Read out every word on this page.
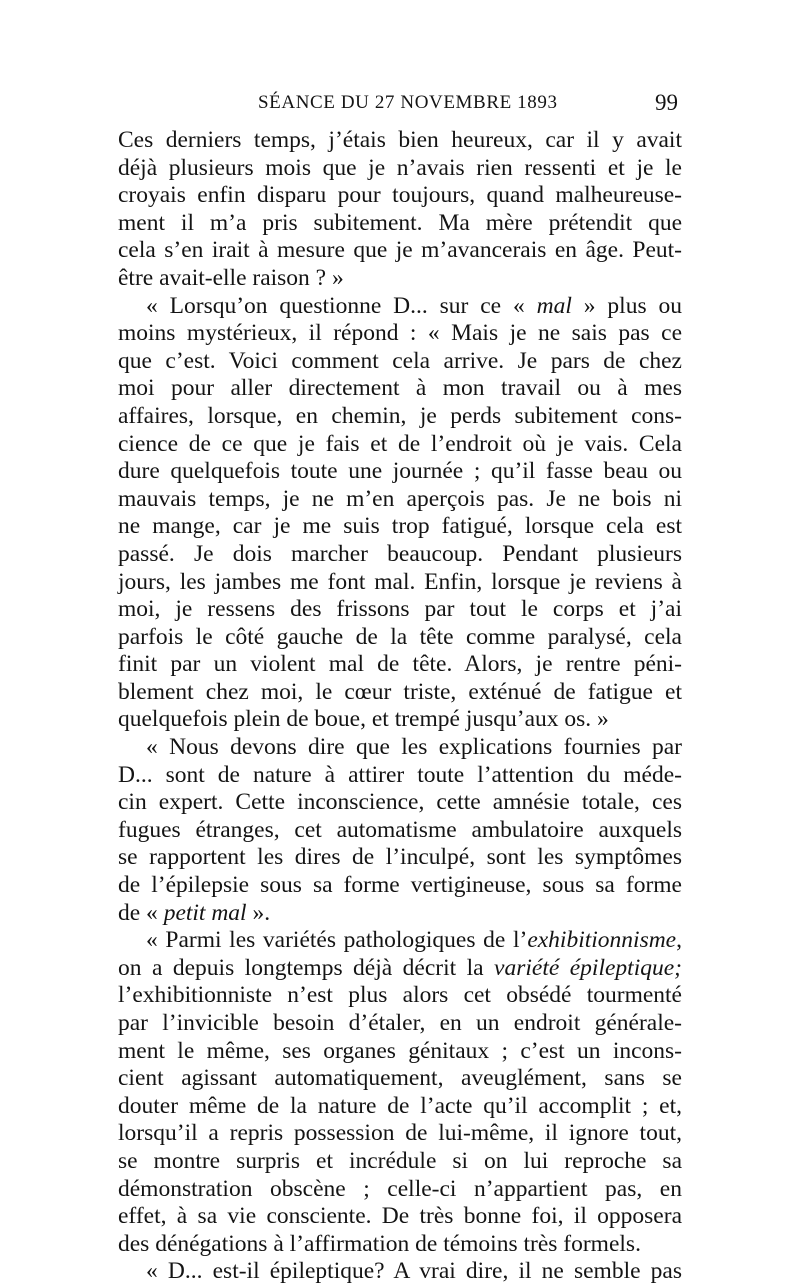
SÉANCE DU 27 NOVEMBRE 1893	99
Ces derniers temps, j’étais bien heureux, car il y avait
déjà plusieurs mois que je n’avais rien ressenti et je le
croyais enfin disparu pour toujours, quand malheureuse-
ment il m’a pris subitement. Ma mère prétendit que
cela s’en irait à mesure que je m’avancerais en âge. Peut-
être avait-elle raison ? »
« Lorsqu’on questionne D... sur ce « mal » plus ou
moins mystérieux, il répond : « Mais je ne sais pas ce
que c’est. Voici comment cela arrive. Je pars de chez
moi pour aller directement à mon travail ou à mes
affaires, lorsque, en chemin, je perds subitement cons-
cience de ce que je fais et de l’endroit où je vais. Cela
dure quelquefois toute une journée ; qu’il fasse beau ou
mauvais temps, je ne m’en aperçois pas. Je ne bois ni
ne mange, car je me suis trop fatigué, lorsque cela est
passé. Je dois marcher beaucoup. Pendant plusieurs
jours, les jambes me font mal. Enfin, lorsque je reviens à
moi, je ressens des frissons par tout le corps et j’ai
parfois le côté gauche de la tête comme paralysé, cela
finit par un violent mal de tête. Alors, je rentre péni-
blement chez moi, le cœur triste, exténué de fatigue et
quelquefois plein de boue, et trempé jusqu’aux os. »
« Nous devons dire que les explications fournies par
D... sont de nature à attirer toute l’attention du méde-
cin expert. Cette inconscience, cette amnésie totale, ces
fugues étranges, cet automatisme ambulatoire auxquels
se rapportent les dires de l’inculpé, sont les symptômes
de l’épilepsie sous sa forme vertigineuse, sous sa forme
de « petit mal ».
« Parmi les variétés pathologiques de l’exhibitionnisme,
on a depuis longtemps déjà décrit la variété épileptique;
l’exhibitionniste n’est plus alors cet obsédé tourmenté
par l’invicible besoin d’étaler, en un endroit générale-
ment le même, ses organes génitaux ; c’est un incons-
cient agissant automatiquement, aveuglément, sans se
douter même de la nature de l’acte qu’il accomplit ; et,
lorsqu’il a repris possession de lui-même, il ignore tout,
se montre surpris et incrédule si on lui reproche sa
démonstration obscène ; celle-ci n’appartient pas, en
effet, à sa vie consciente. De très bonne foi, il opposera
des dénégations à l’affirmation de témoins très formels.
« D... est-il épileptique? A vrai dire, il ne semble pas
